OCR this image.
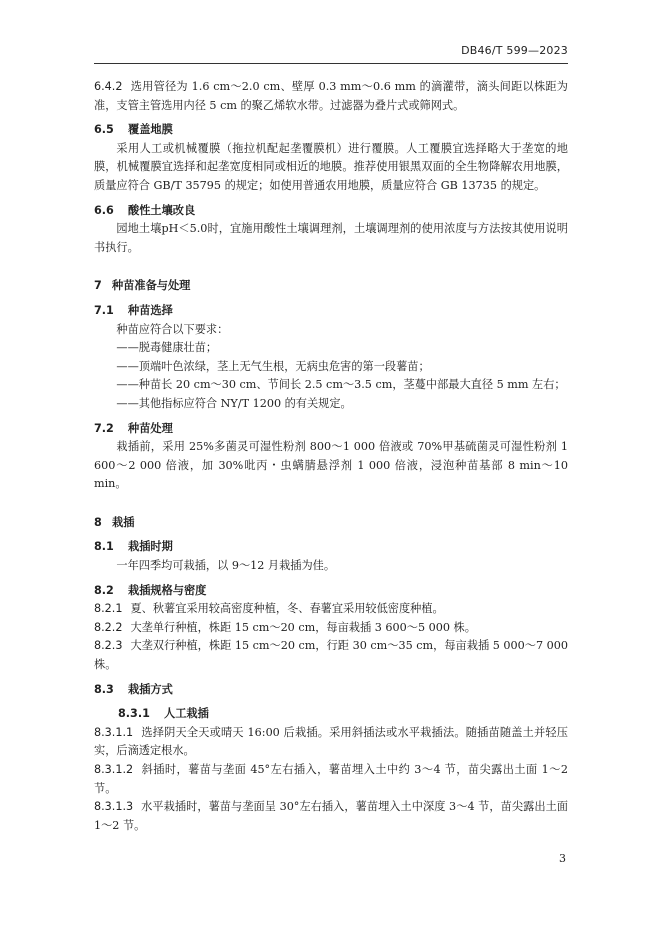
DB46/T 599—2023

6.4.2 选用管径为 1.6 cm～2.0 cm、壁厚 0.3 mm～0.6 mm 的滴灌带，滴头间距以株距为准，支管主管选用内径 5 cm 的聚乙烯软水带。过滤器为叠片式或筛网式。

6.5 覆盖地膜

采用人工或机械覆膜（拖拉机配起垄覆膜机）进行覆膜。人工覆膜宜选择略大于垄宽的地膜，机械覆膜宜选择和起垄宽度相同或相近的地膜。推荐使用银黑双面的全生物降解农用地膜，质量应符合 GB/T 35795 的规定；如使用普通农用地膜，质量应符合 GB 13735 的规定。

6.6 酸性土壤改良

园地土壤pH＜5.0时，宜施用酸性土壤调理剂，土壤调理剂的使用浓度与方法按其使用说明书执行。

7 种苗准备与处理

7.1 种苗选择

种苗应符合以下要求：

——脱毒健康壮苗；

——顶端叶色浓绿，茎上无气生根，无病虫危害的第一段薯苗；

——种苗长 20 cm～30 cm、节间长 2.5 cm～3.5 cm，茎蔓中部最大直径 5 mm 左右；

——其他指标应符合 NY/T 1200 的有关规定。

7.2 种苗处理

栽插前，采用 25%多菌灵可湿性粉剂 800～1 000 倍液或 70%甲基硫菌灵可湿性粉剂 1 600～2 000 倍液，加 30%吡丙・虫螨腈悬浮剂 1 000 倍液，浸泡种苗基部 8 min～10 min。

8 栽插

8.1 栽插时期

一年四季均可栽插，以 9～12 月栽插为佳。

8.2 栽插规格与密度

8.2.1 夏、秋薯宜采用较高密度种植，冬、春薯宜采用较低密度种植。

8.2.2 大垄单行种植，株距 15 cm～20 cm，每亩栽插 3 600～5 000 株。

8.2.3 大垄双行种植，株距 15 cm～20 cm，行距 30 cm～35 cm，每亩栽插 5 000～7 000 株。

8.3 栽插方式

8.3.1 人工栽插

8.3.1.1 选择阴天全天或晴天 16:00 后栽插。采用斜插法或水平栽插法。随插苗随盖土并轻压实，后滴透定根水。

8.3.1.2 斜插时，薯苗与垄面 45°左右插入，薯苗埋入土中约 3～4 节，苗尖露出土面 1～2 节。

8.3.1.3 水平栽插时，薯苗与垄面呈 30°左右插入，薯苗埋入土中深度 3～4 节，苗尖露出土面 1～2 节。

3
